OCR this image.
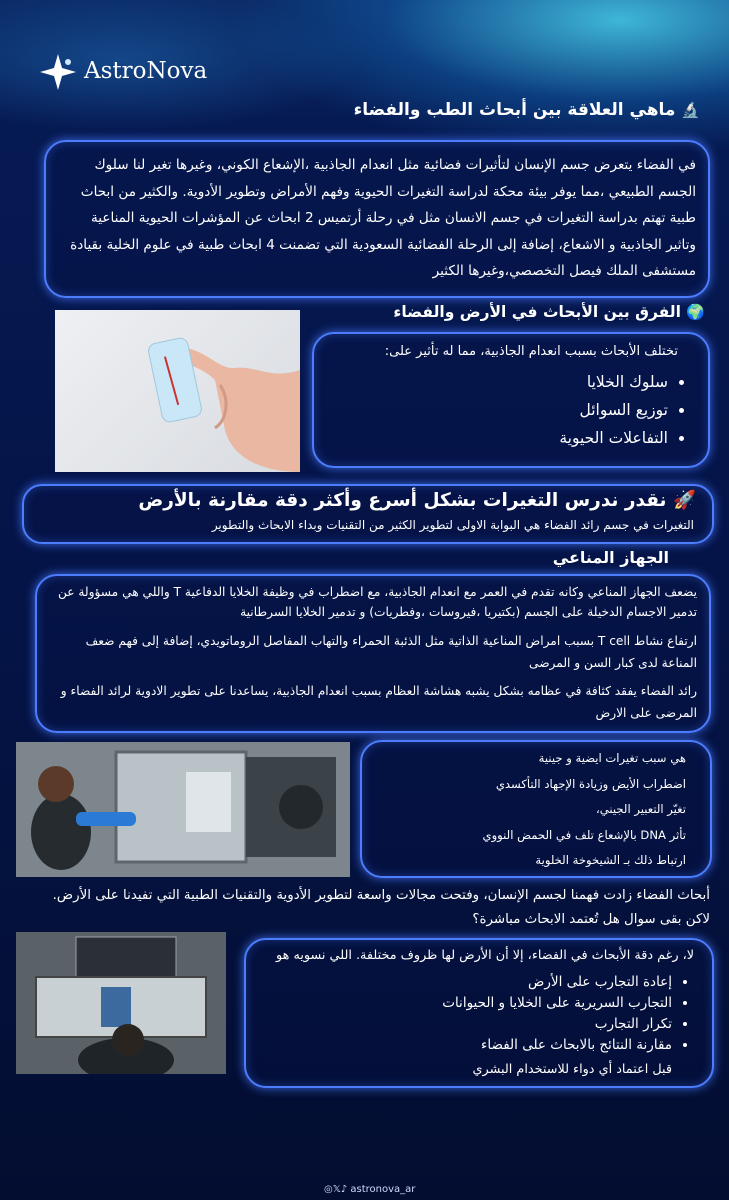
AstroNova
🔬 ماهي العلاقة بين أبحاث الطب والفضاء
في الفضاء يتعرض جسم الإنسان لتأثيرات فضائية مثل انعدام الجاذبية ،الإشعاع الكوني، وغيرها تغير لنا سلوك الجسم الطبيعي ،مما يوفر بيئة محكة لدراسة التغيرات الحيوية وفهم الأمراض وتطوير الأدوية. والكثير من ابحاث طبية تهتم بدراسة التغيرات في جسم الانسان مثل في رحلة أرتميس 2 ابحاث عن المؤشرات الحيوية المناعية وتاثير الجاذبية و الاشعاع، إضافة إلى الرحلة الفضائية السعودية التي تضمنت 4 ابحاث طبية في علوم الخلية بقيادة مستشفى الملك فيصل التخصصي،وغيرها الكثير
🌍 الفرق بين الأبحاث في الأرض والفضاء
تختلف الأبحاث بسبب انعدام الجاذبية، مما له تأثير على:
• سلوك الخلايا
• توزيع السوائل
• التفاعلات الحيوية
🚀 نقدر ندرس التغيرات بشكل أسرع وأكثر دقة مقارنة بالأرض
التغيرات في جسم رائد الفضاء هي البوابة الاولى لتطوير الكثير من التقنيات وبداء الابحاث والتطوير
الجهاز المناعي
يضعف الجهاز المناعي وكانه تقدم في العمر مع انعدام الجاذبية، مع اضطراب في وظيفة الخلايا الدفاعية T واللي هي مسؤولة عن تدمير الاجسام الدخيلة على الجسم (بكتيريا ،فيروسات ،وفطريات) و تدمير الخلايا السرطانية
ارتفاع نشاط T cell بسبب امراض المناعية الذاتية مثل الذئبة الحمراء والتهاب المفاصل الروماتويدي، إضافة إلى فهم ضعف المناعة لدى كبار السن و المرضى
رائد الفضاء يفقد كثافة في عظامه بشكل يشبه هشاشة العظام بسبب انعدام الجاذبية، يساعدنا على تطوير الادوية لرائد الفضاء و المرضى على الارض
هي سبب تغيرات ايضية و جينية
اضطراب الأيض وزيادة الإجهاد التأكسدي
تغيّر التعبير الجيني،
تأثر DNA بالإشعاع تلف في الحمض النووي
ارتباط ذلك بـ الشيخوخة الخلوية
أبحاث الفضاء زادت فهمنا لجسم الإنسان، وفتحت مجالات واسعة لتطوير الأدوية والتقنيات الطبية التي تفيدنا على الأرض. لاكن بقى سوال هل تُعتمد الابحاث مباشرة؟
لا، رغم دقة الأبحاث في الفضاء، إلا أن الأرض لها ظروف مختلفة. اللي نسويه هو
• إعادة التجارب على الأرض
• التجارب السريرية على الخلايا و الحيوانات
• تكرار التجارب
• مقارنة النتائج بالابحاث على الفضاء
قبل اعتماد أي دواء للاستخدام البشري
◎𝕏♪ astronova_ar
